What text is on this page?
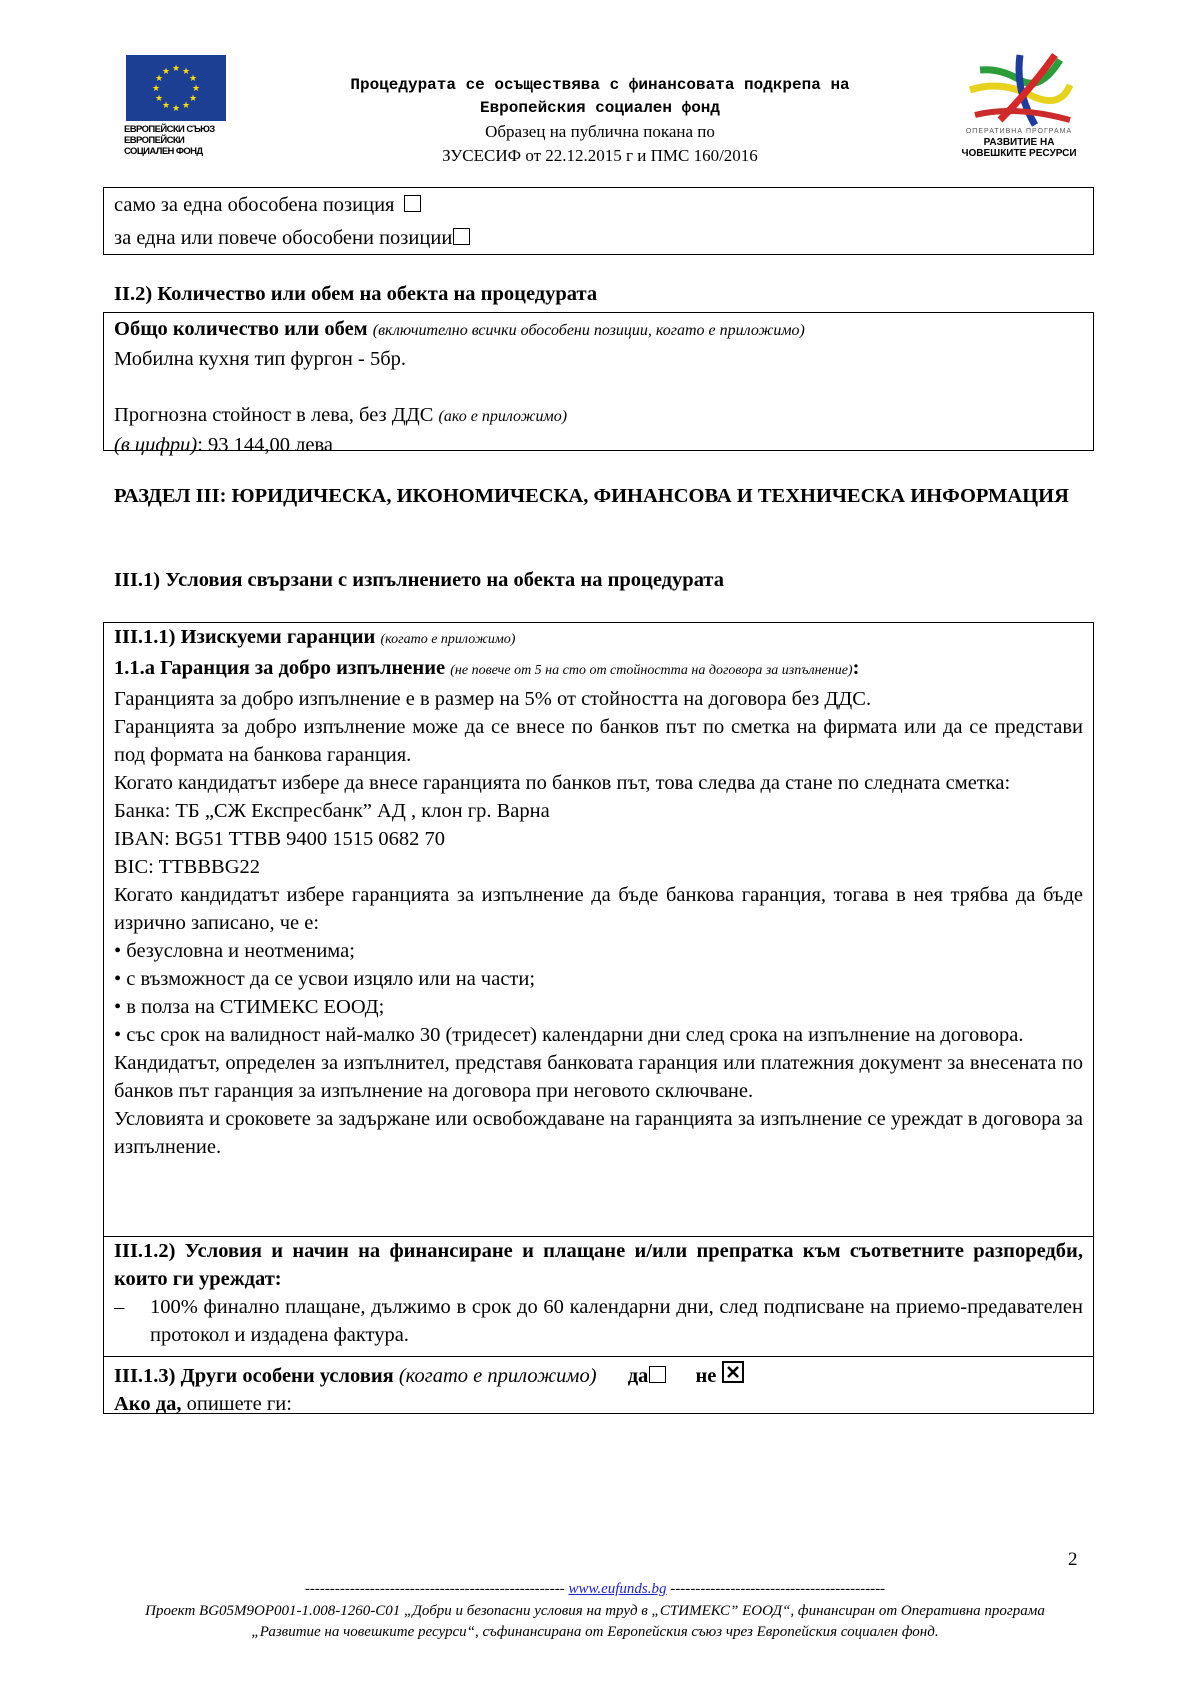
★ ★
★
★
★
★
★
★
★
★
★
★
ЕВРОПЕЙСКИ СЪЮЗ
ЕВРОПЕЙСКИ
СОЦИАЛЕН ФОНД
Процедурата се осъществява с финансовата подкрепа на
Европейския социален фонд
Образец на публична покана по
ЗУСЕСИФ от 22.12.2015 г и ПМС 160/2016
ОПЕРАТИВНА ПРОГРАМА
РАЗВИТИЕ НА
ЧОВЕШКИТЕ РЕСУРСИ
само за една обособена позиция
за една или повече обособени позиции
II.2) Количество или обем на обекта на процедурата
Общо количество или обем (включително всички обособени позиции, когато е приложимо)
Мобилна кухня тип фургон - 5бр.
Прогнозна стойност в лева, без ДДС (ако е приложимо)
(в цифри): 93 144,00 лева
РАЗДЕЛ III: ЮРИДИЧЕСКА, ИКОНОМИЧЕСКА, ФИНАНСОВА И ТЕХНИЧЕСКА ИНФОРМАЦИЯ
III.1) Условия свързани с изпълнението на обекта на процедурата
III.1.1) Изискуеми гаранции (когато е приложимо)
1.1.а Гаранция за добро изпълнение (не повече от 5 на сто от стойността на договора за изпълнение):
Гаранцията за добро изпълнение е в размер на 5% от стойността на договора без ДДС.
Гаранцията за добро изпълнение може да се внесе по банков път по сметка на фирмата или да се представи под формата на банкова гаранция.
Когато кандидатът избере да внесе гаранцията по банков път, това следва да стане по следната сметка:
Банка: ТБ „СЖ Експресбанк” АД , клон гр. Варна
IBAN: BG51 TTBB 9400 1515 0682 70
BIC: TTBBBG22
Когато кандидатът избере гаранцията за изпълнение да бъде банкова гаранция, тогава в нея трябва да бъде изрично записано, че е:
• безусловна и неотменима;
• с възможност да се усвои изцяло или на части;
• в полза на СТИМЕКС ЕООД;
• със срок на валидност най-малко 30 (тридесет) календарни дни след срока на изпълнение на договора.
Кандидатът, определен за изпълнител, представя банковата гаранция или платежния документ за внесената по банков път гаранция за изпълнение на договора при неговото сключване.
Условията и сроковете за задържане или освобождаване на гаранцията за изпълнение се уреждат в договора за изпълнение.
III.1.2) Условия и начин на финансиране и плащане и/или препратка към съответните разпоредби, които ги уреждат:
–	100% финално плащане, дължимо в срок до 60 календарни дни, след подписване на приемо-предавателен протокол и издадена фактура.
III.1.3) Други особени условия (когато е приложимо) да не
Ако да, опишете ги:
2
---------------------------------------------------- www.eufunds.bg -------------------------------------------
Проект BG05M9OP001-1.008-1260-C01 „Добри и безопасни условия на труд в „СТИМЕКС” ЕООД“, финансиран от Оперативна програма „Развитие на човешките ресурси“, съфинансирана от Европейския съюз чрез Европейския социален фонд.
